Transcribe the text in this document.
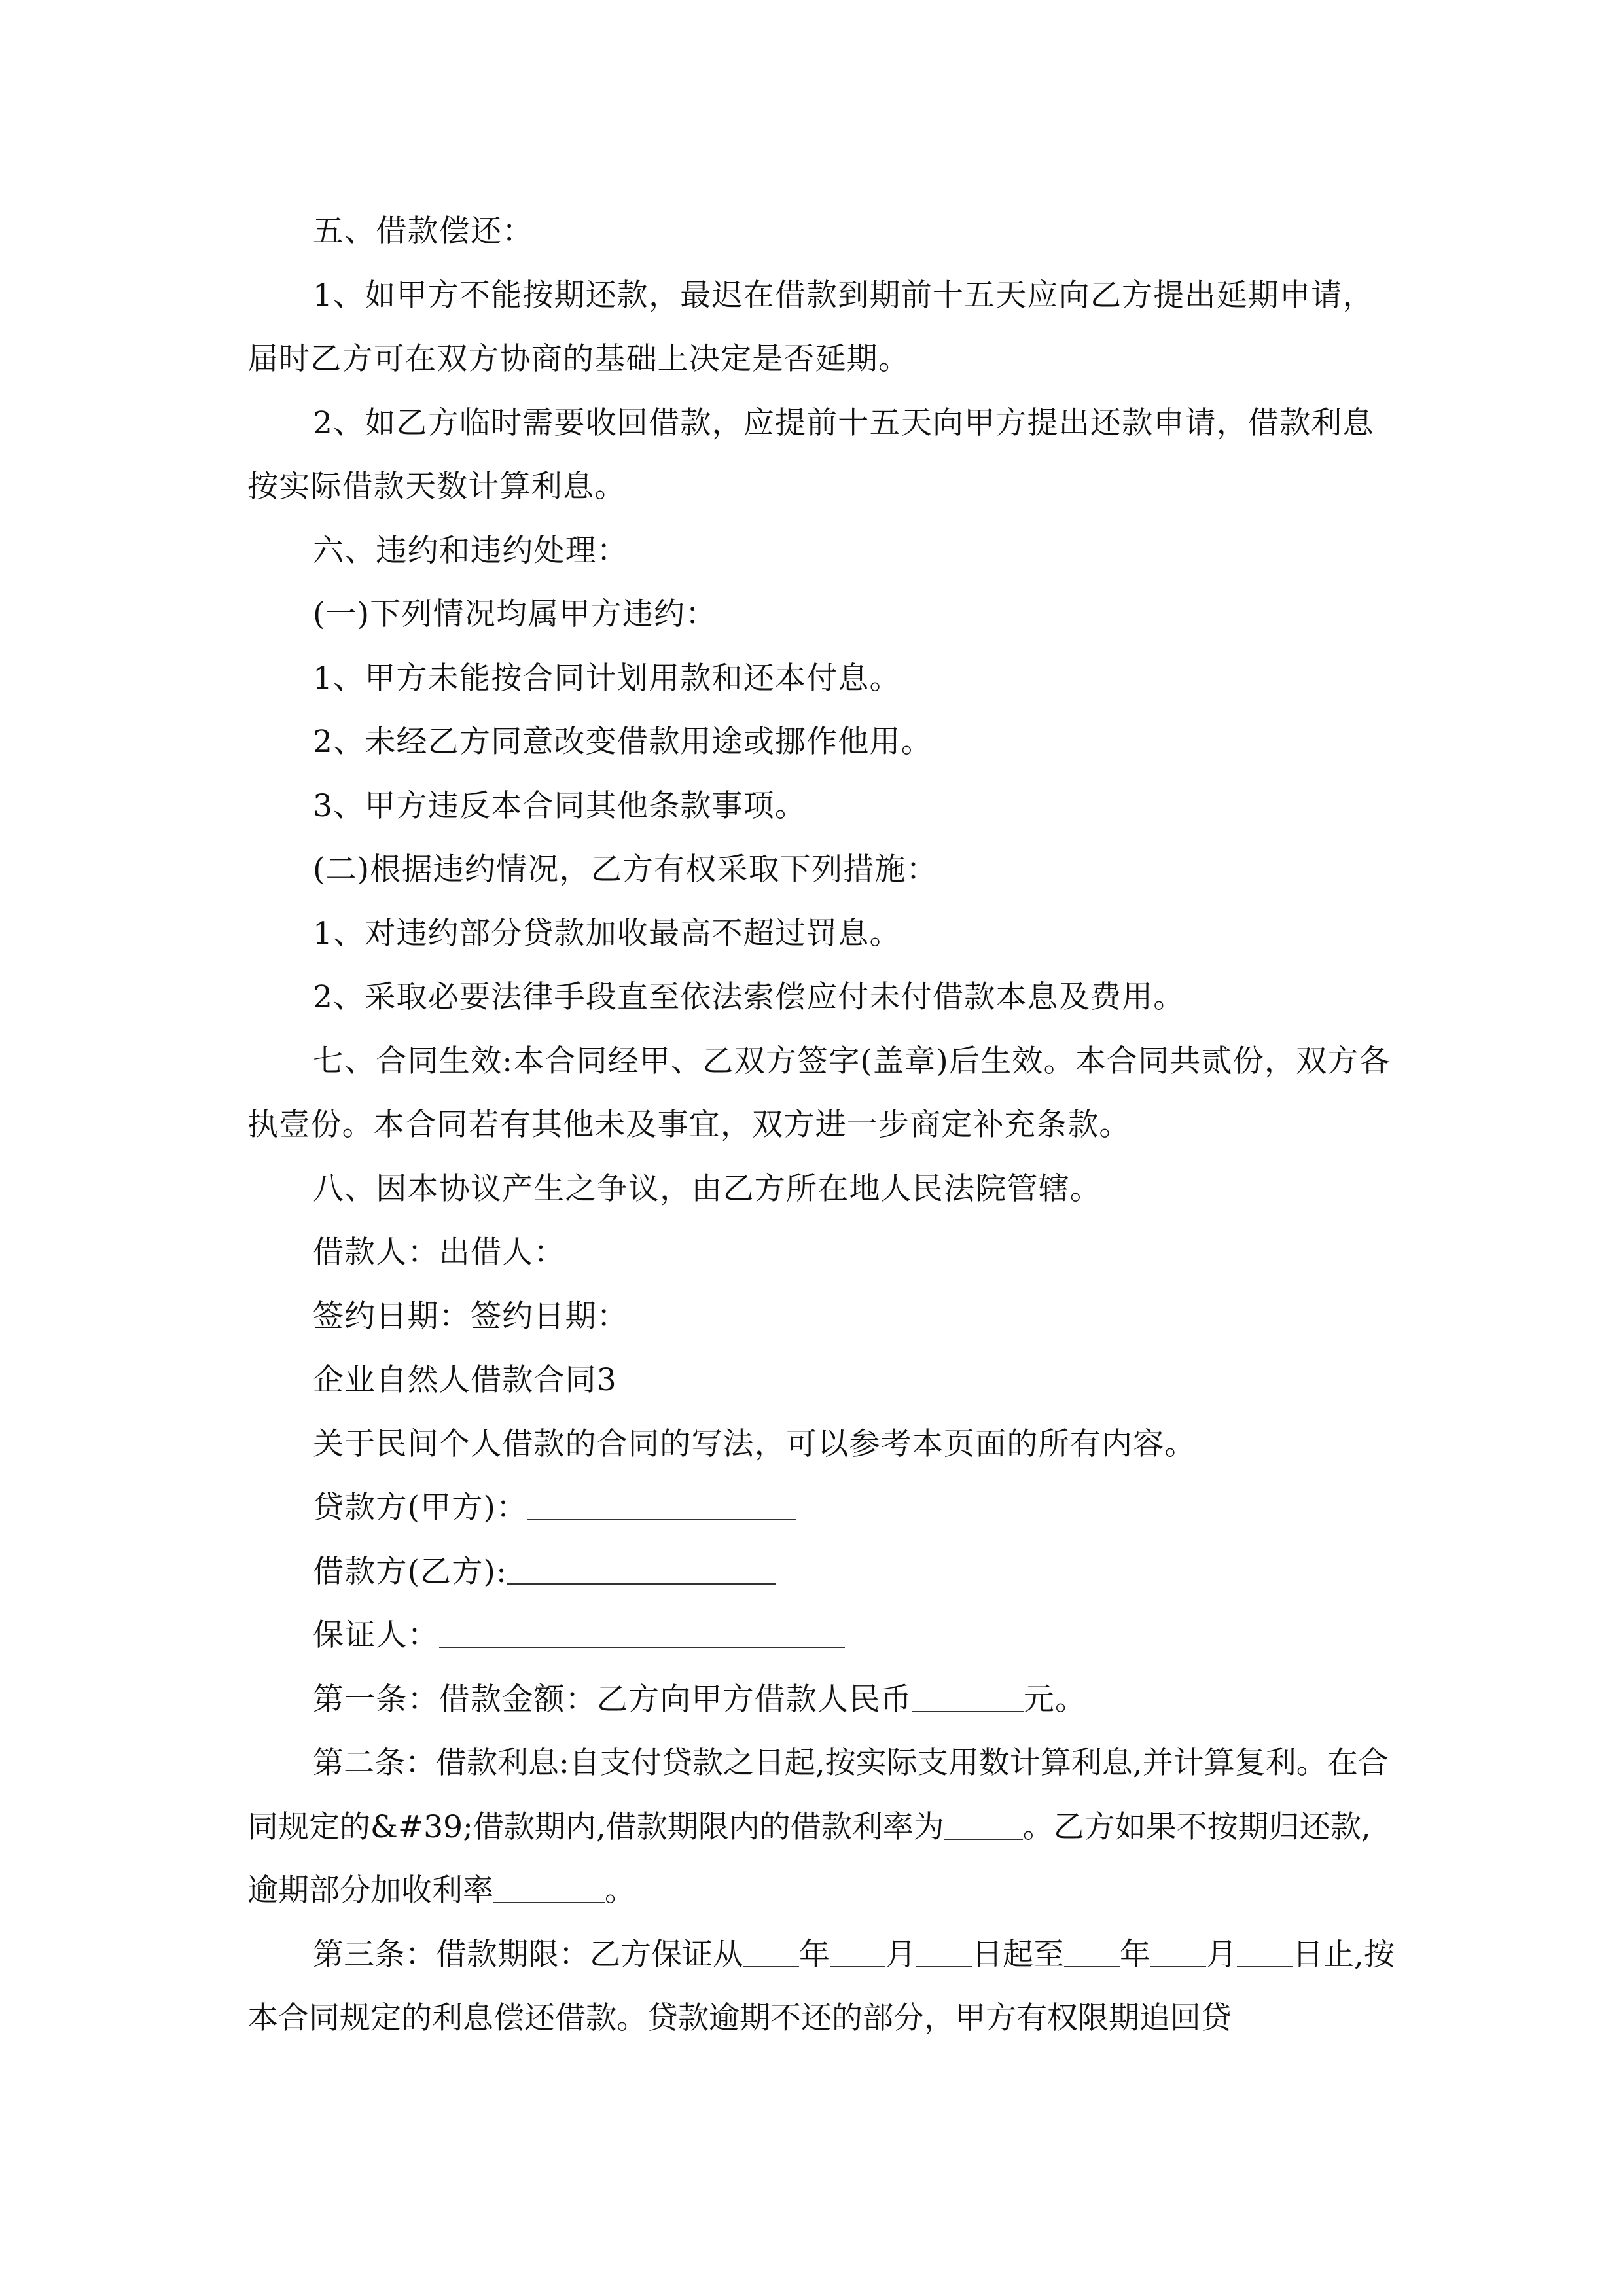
五、借款偿还：

1、如甲方不能按期还款，最迟在借款到期前十五天应向乙方提出延期申请，届时乙方可在双方协商的基础上决定是否延期。

2、如乙方临时需要收回借款，应提前十五天向甲方提出还款申请，借款利息按实际借款天数计算利息。

六、违约和违约处理：

(一)下列情况均属甲方违约：

1、甲方未能按合同计划用款和还本付息。

2、未经乙方同意改变借款用途或挪作他用。

3、甲方违反本合同其他条款事项。

(二)根据违约情况，乙方有权采取下列措施：

1、对违约部分贷款加收最高不超过罚息。

2、采取必要法律手段直至依法索偿应付未付借款本息及费用。

七、合同生效:本合同经甲、乙双方签字(盖章)后生效。本合同共贰份，双方各执壹份。本合同若有其他未及事宜，双方进一步商定补充条款。

八、因本协议产生之争议，由乙方所在地人民法院管辖。

借款人：出借人：

签约日期：签约日期：

企业自然人借款合同3

关于民间个人借款的合同的写法，可以参考本页面的所有内容。

贷款方(甲方)：

借款方(乙方):

保证人：

第一条：借款金额：乙方向甲方借款人民币	元。

第二条：借款利息:自支付贷款之日起,按实际支用数计算利息,并计算复利。在合同规定的&#39;借款期内,借款期限内的借款利率为	。乙方如果不按期归还款,逾期部分加收利率	。

第三条：借款期限：乙方保证从 年 月 日起至 年 月 日止,按本合同规定的利息偿还借款。贷款逾期不还的部分，甲方有权限期追回贷
